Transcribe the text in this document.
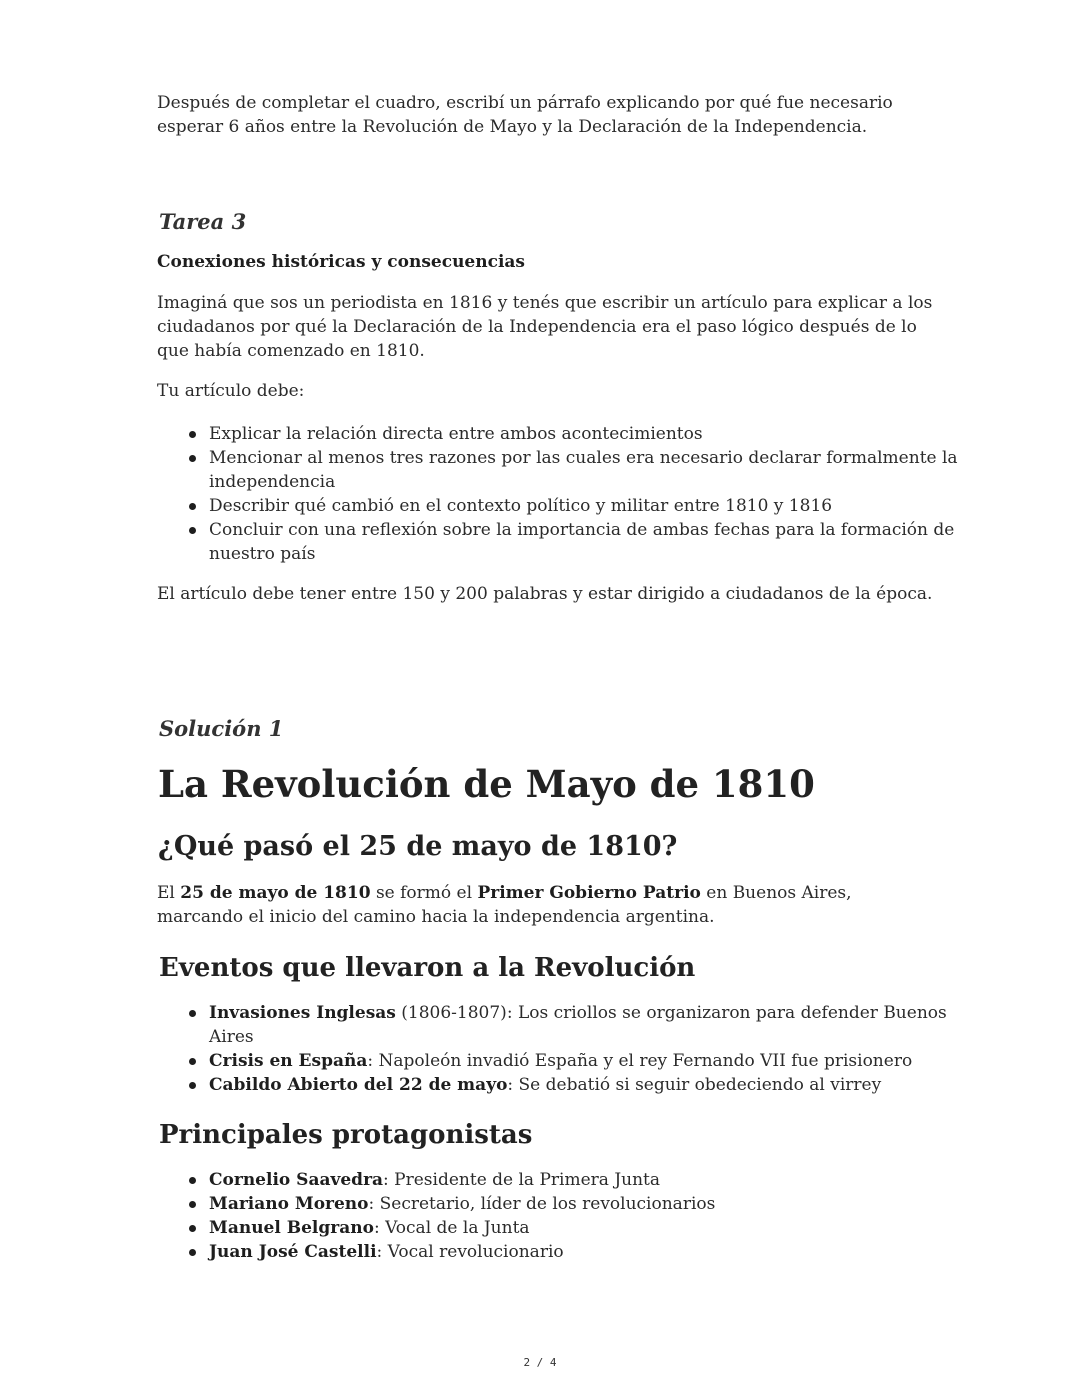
Después de completar el cuadro, escribí un párrafo explicando por qué fue necesario esperar 6 años entre la Revolución de Mayo y la Declaración de la Independencia.

Tarea 3

Conexiones históricas y consecuencias

Imaginá que sos un periodista en 1816 y tenés que escribir un artículo para explicar a los ciudadanos por qué la Declaración de la Independencia era el paso lógico después de lo que había comenzado en 1810.

Tu artículo debe:

Explicar la relación directa entre ambos acontecimientos
Mencionar al menos tres razones por las cuales era necesario declarar formalmente la independencia
Describir qué cambió en el contexto político y militar entre 1810 y 1816
Concluir con una reflexión sobre la importancia de ambas fechas para la formación de nuestro país

El artículo debe tener entre 150 y 200 palabras y estar dirigido a ciudadanos de la época.

Solución 1

La Revolución de Mayo de 1810
¿Qué pasó el 25 de mayo de 1810?

El 25 de mayo de 1810 se formó el Primer Gobierno Patrio en Buenos Aires, marcando el inicio del camino hacia la independencia argentina.

Eventos que llevaron a la Revolución
Invasiones Inglesas (1806-1807): Los criollos se organizaron para defender Buenos Aires
Crisis en España: Napoleón invadió España y el rey Fernando VII fue prisionero
Cabildo Abierto del 22 de mayo: Se debatió si seguir obedeciendo al virrey
Principales protagonistas
Cornelio Saavedra: Presidente de la Primera Junta
Mariano Moreno: Secretario, líder de los revolucionarios
Manuel Belgrano: Vocal de la Junta
Juan José Castelli: Vocal revolucionario
2 / 4
